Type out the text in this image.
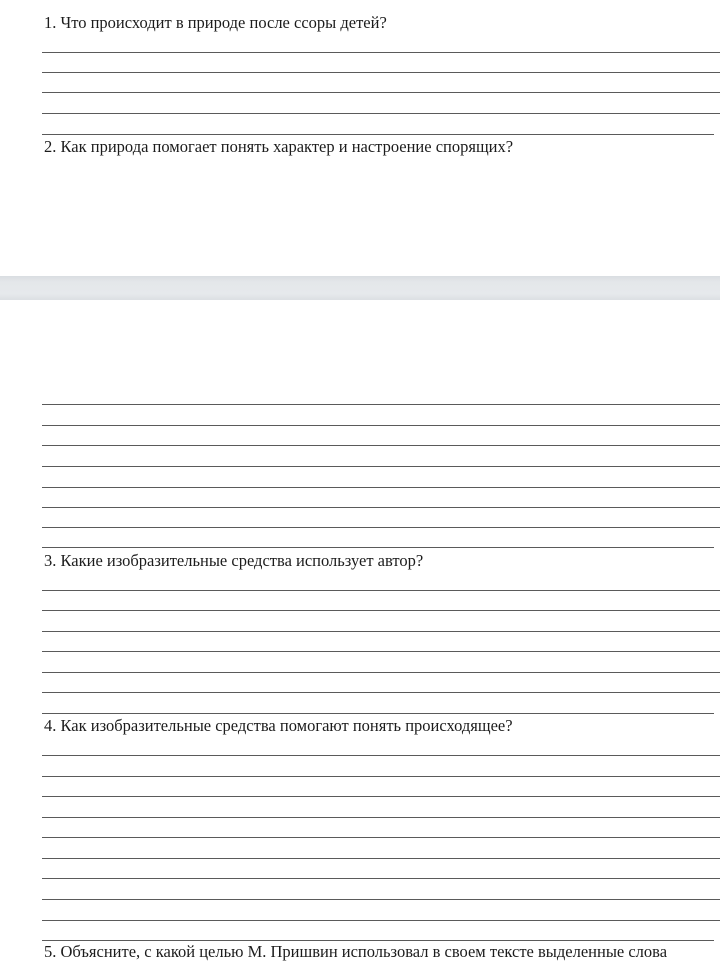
1. Что происходит в природе после ссоры детей?
2. Как природа помогает понять характер и настроение спорящих?
3. Какие изобразительные средства использует автор?
4. Как изобразительные средства помогают понять происходящее?
5. Объясните, с какой целью М. Пришвин использовал в своем тексте выделенные слова
